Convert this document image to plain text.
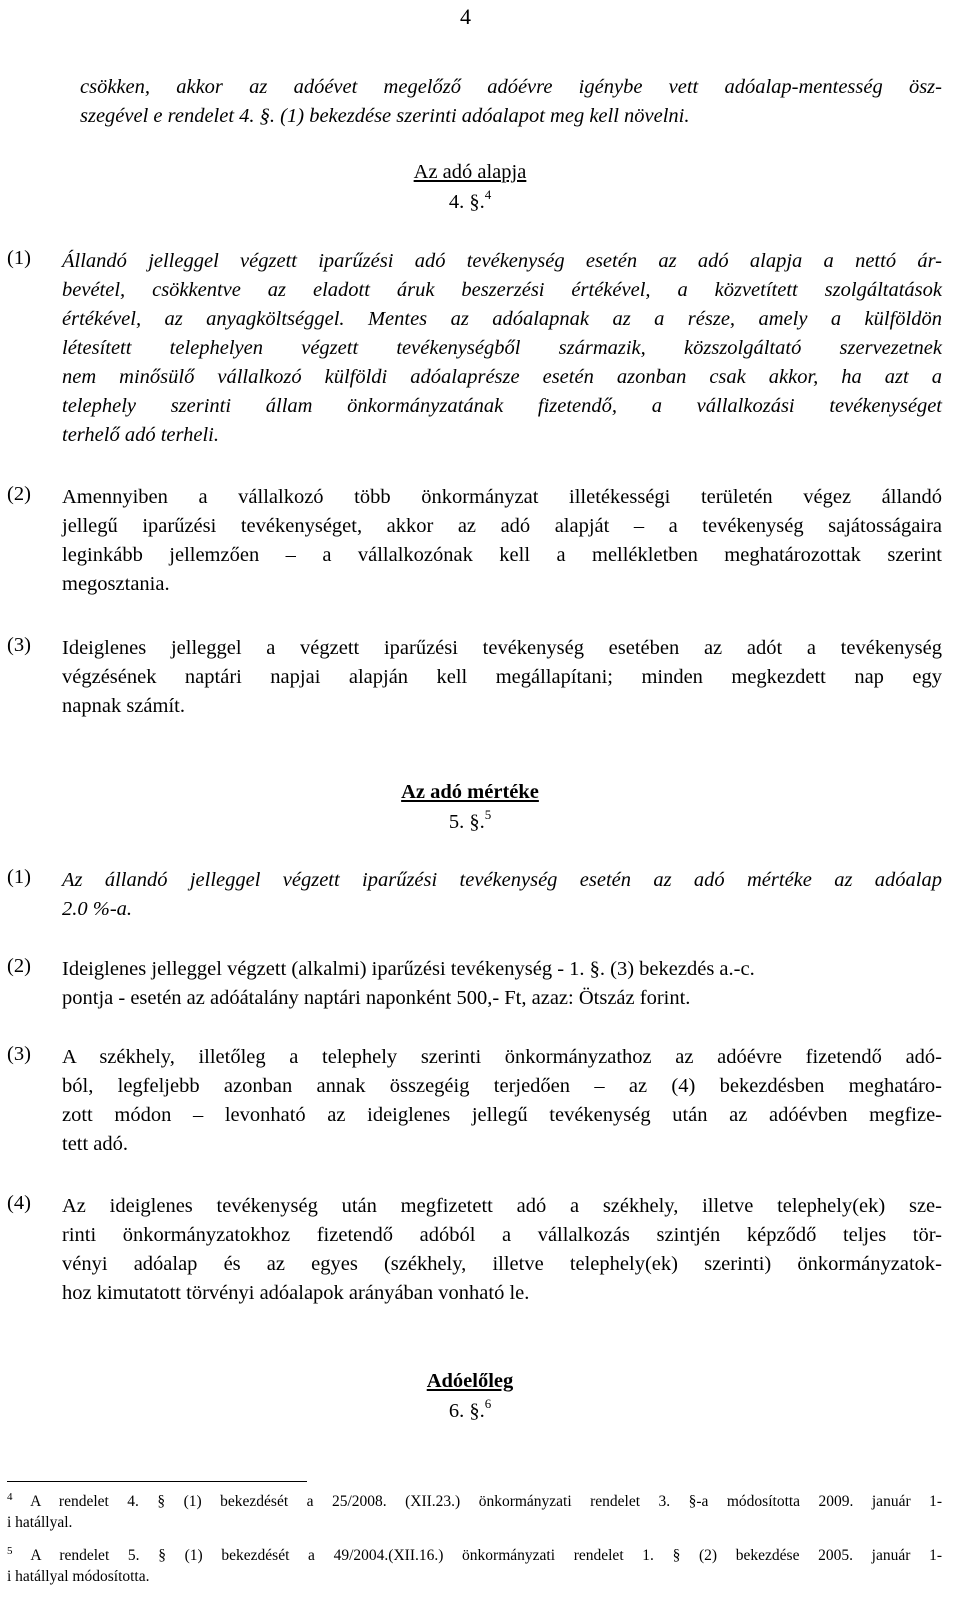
4
csökken, akkor az adóévet megelőző adóévre igénybe vett adóalap-mentesség ösz-
szegével e rendelet 4. §. (1) bekezdése szerinti adóalapot meg kell növelni.
Az adó alapja
4. §.$^4$
(1) Állandó jelleggel végzett iparűzési adó tevékenység esetén az adó alapja a nettó ár-
bevétel, csökkentve az eladott áruk beszerzési értékével, a közvetített szolgáltatások
értékével, az anyagköltséggel. Mentes az adóalapnak az a része, amely a külföldön
létesített telephelyen végzett tevékenységből származik, közszolgáltató szervezetnek
nem minősülő vállalkozó külföldi adóalaprésze esetén azonban csak akkor, ha azt a
telephely szerinti állam önkormányzatának fizetendő, a vállalkozási tevékenységet
terhelő adó terheli.
(2) Amennyiben a vállalkozó több önkormányzat illetékességi területén végez állandó
jellegű iparűzési tevékenységet, akkor az adó alapját – a tevékenység sajátosságaira
leginkább jellemzően – a vállalkozónak kell a mellékletben meghatározottak szerint
megosztania.
(3) Ideiglenes jelleggel a végzett iparűzési tevékenység esetében az adót a tevékenység
végzésének naptári napjai alapján kell megállapítani; minden megkezdett nap egy
napnak számít.
Az adó mértéke
5. §.$^5$
(1) Az állandó jelleggel végzett iparűzési tevékenység esetén az adó mértéke az adóalap
2.0 %-a.
(2) Ideiglenes jelleggel végzett (alkalmi) iparűzési tevékenység - 1. §. (3) bekezdés a.-c.
pontja - esetén az adóátalány naptári naponként 500,- Ft, azaz: Ötszáz forint.
(3) A székhely, illetőleg a telephely szerinti önkormányzathoz az adóévre fizetendő adó-
ból, legfeljebb azonban annak összegéig terjedően – az (4) bekezdésben meghatáro-
zott módon – levonható az ideiglenes jellegű tevékenység után az adóévben megfize-
tett adó.
(4) Az ideiglenes tevékenység után megfizetett adó a székhely, illetve telephely(ek) sze-
rinti önkormányzatokhoz fizetendő adóból a vállalkozás szintjén képződő teljes tör-
vényi adóalap és az egyes (székhely, illetve telephely(ek) szerinti) önkormányzatok-
hoz kimutatott törvényi adóalapok arányában vonható le.
Adóelőleg
6. §.$^6$
$^4$ A rendelet 4. § (1) bekezdését a 25/2008. (XII.23.) önkormányzati rendelet 3. §-a módosította 2009. január 1-
i hatállyal.
$^5$ A rendelet 5. § (1) bekezdését a 49/2004.(XII.16.) önkormányzati rendelet 1. § (2) bekezdése 2005. január 1-
i hatállyal módosította.
